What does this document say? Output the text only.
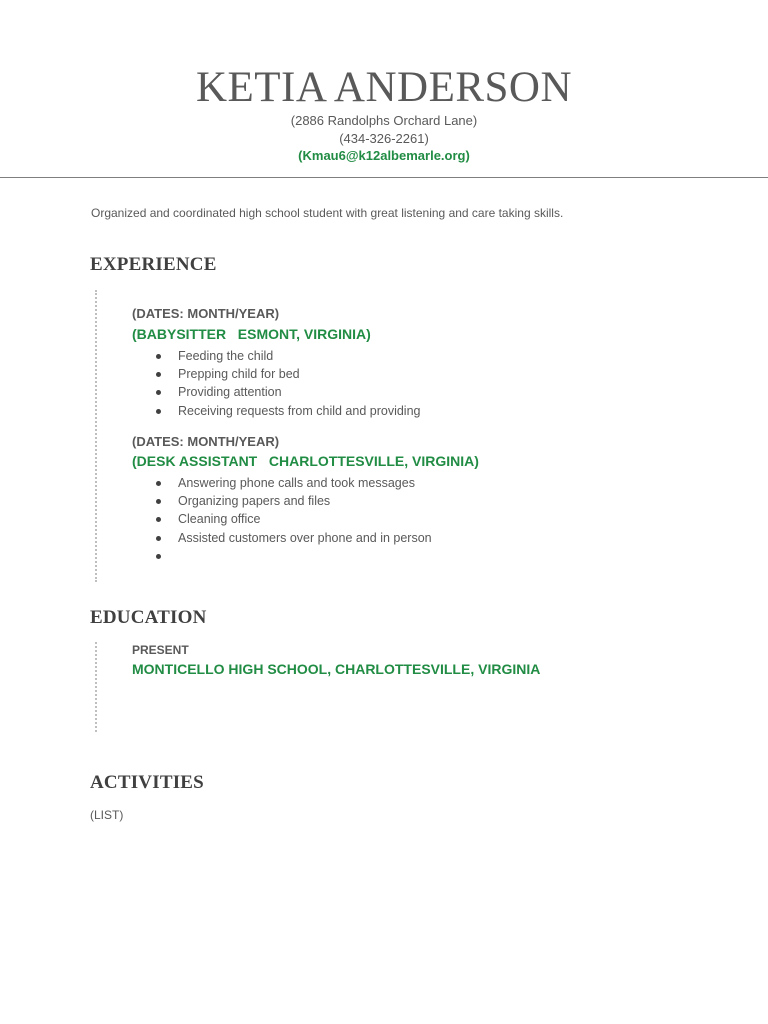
KETIA ANDERSON
(2886 Randolphs Orchard Lane)
(434-326-2261)
(Kmau6@k12albemarle.org)
Organized and coordinated high school student with great listening and care taking skills.
EXPERIENCE
(DATES: MONTH/YEAR)
(BABYSITTER   ESMONT, VIRGINIA)
Feeding the child
Prepping child for bed
Providing attention
Receiving requests from child and providing
(DATES: MONTH/YEAR)
(DESK ASSISTANT   CHARLOTTESVILLE, VIRGINIA)
Answering phone calls and took messages
Organizing papers and files
Cleaning office
Assisted customers over phone and in person
EDUCATION
PRESENT
MONTICELLO HIGH SCHOOL, CHARLOTTESVILLE, VIRGINIA
ACTIVITIES
(LIST)
